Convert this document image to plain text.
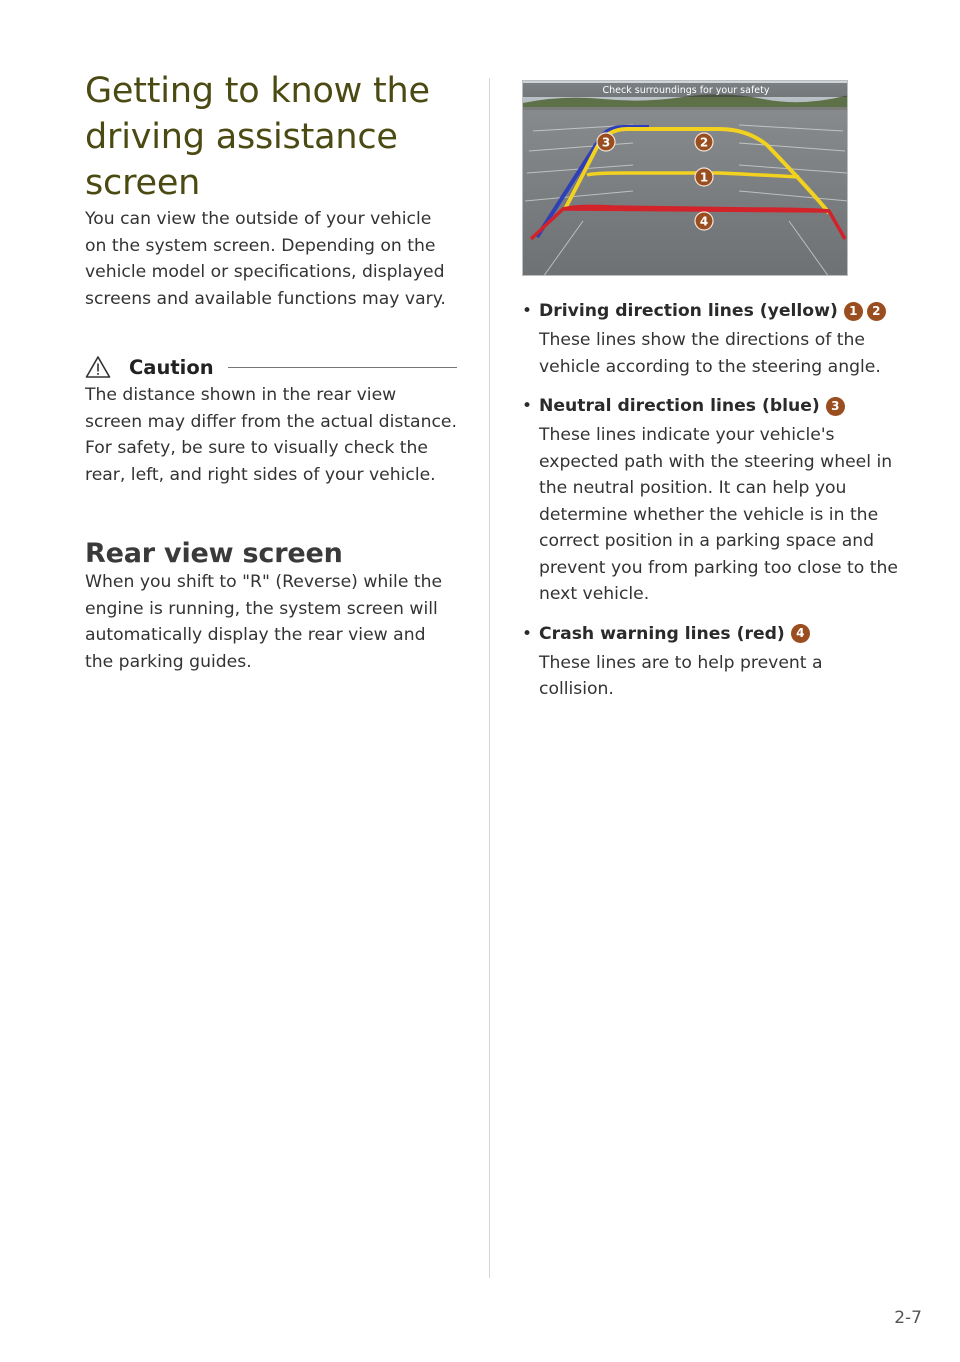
Getting to know the driving assistance screen

You can view the outside of your vehicle on the system screen. Depending on the vehicle model or specifications, displayed screens and available functions may vary.

Caution

The distance shown in the rear view screen may differ from the actual distance. For safety, be sure to visually check the rear, left, and right sides of your vehicle.

Rear view screen

When you shift to "R" (Reverse) while the engine is running, the system screen will automatically display the rear view and the parking guides.

Check surroundings for your safety
3	2
1
4
• Driving direction lines (yellow) 1	2
These lines show the directions of the vehicle according to the steering angle.
• Neutral direction lines (blue) 3
These lines indicate your vehicle's expected path with the steering wheel in the neutral position. It can help you determine whether the vehicle is in the correct position in a parking space and prevent you from parking too close to the next vehicle.
• Crash warning lines (red) 4
These lines are to help prevent a collision.
2-7
